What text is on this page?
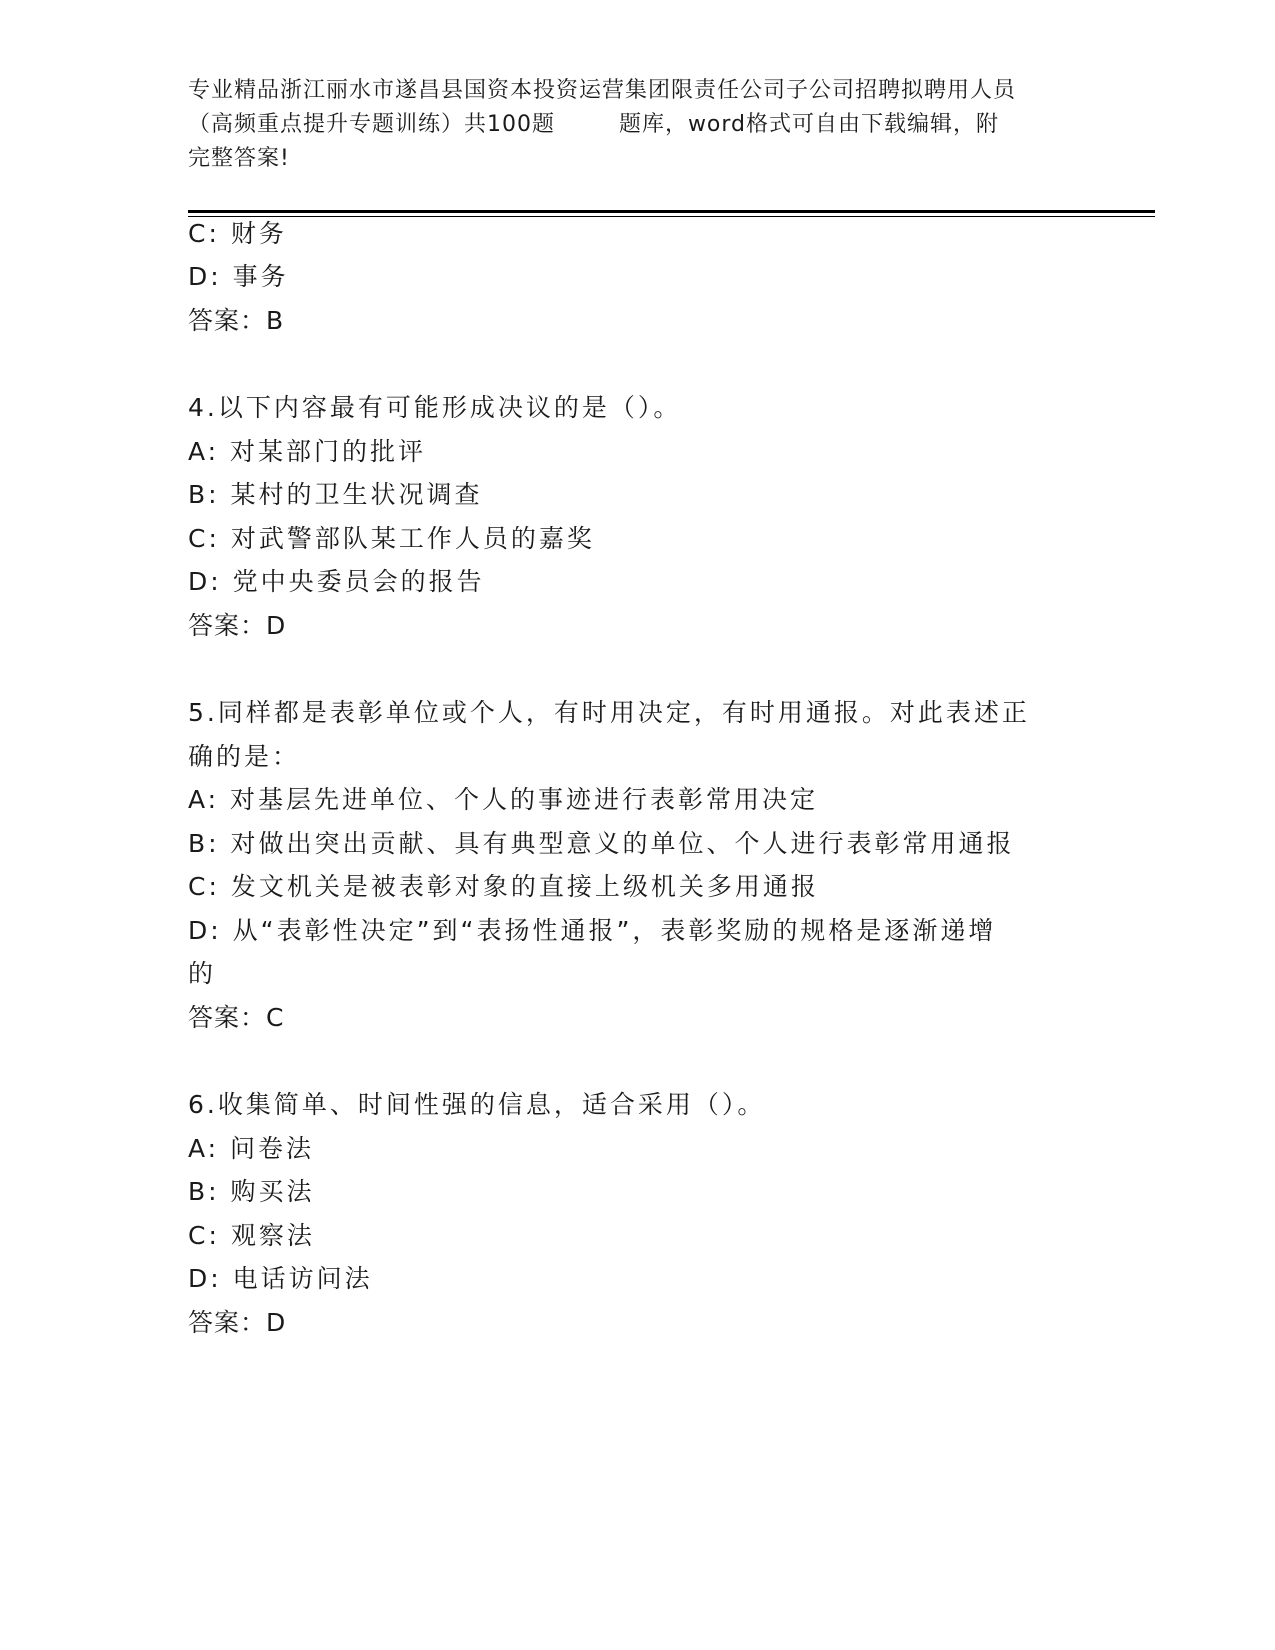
专业精品浙江丽水市遂昌县国资本投资运营集团限责任公司子公司招聘拟聘用人员
（高频重点提升专题训练）共100题        题库，word格式可自由下载编辑，附
完整答案!
C: 财务
D: 事务
答案：B
4.以下内容最有可能形成决议的是（）。
A: 对某部门的批评
B: 某村的卫生状况调查
C: 对武警部队某工作人员的嘉奖
D: 党中央委员会的报告
答案：D
5.同样都是表彰单位或个人，有时用决定，有时用通报。对此表述正
确的是：
A: 对基层先进单位、个人的事迹进行表彰常用决定
B: 对做出突出贡献、具有典型意义的单位、个人进行表彰常用通报
C: 发文机关是被表彰对象的直接上级机关多用通报
D: 从“表彰性决定”到“表扬性通报”，表彰奖励的规格是逐渐递增
的
答案：C
6.收集简单、时间性强的信息，适合采用（）。
A: 问卷法
B: 购买法
C: 观察法
D: 电话访问法
答案：D
